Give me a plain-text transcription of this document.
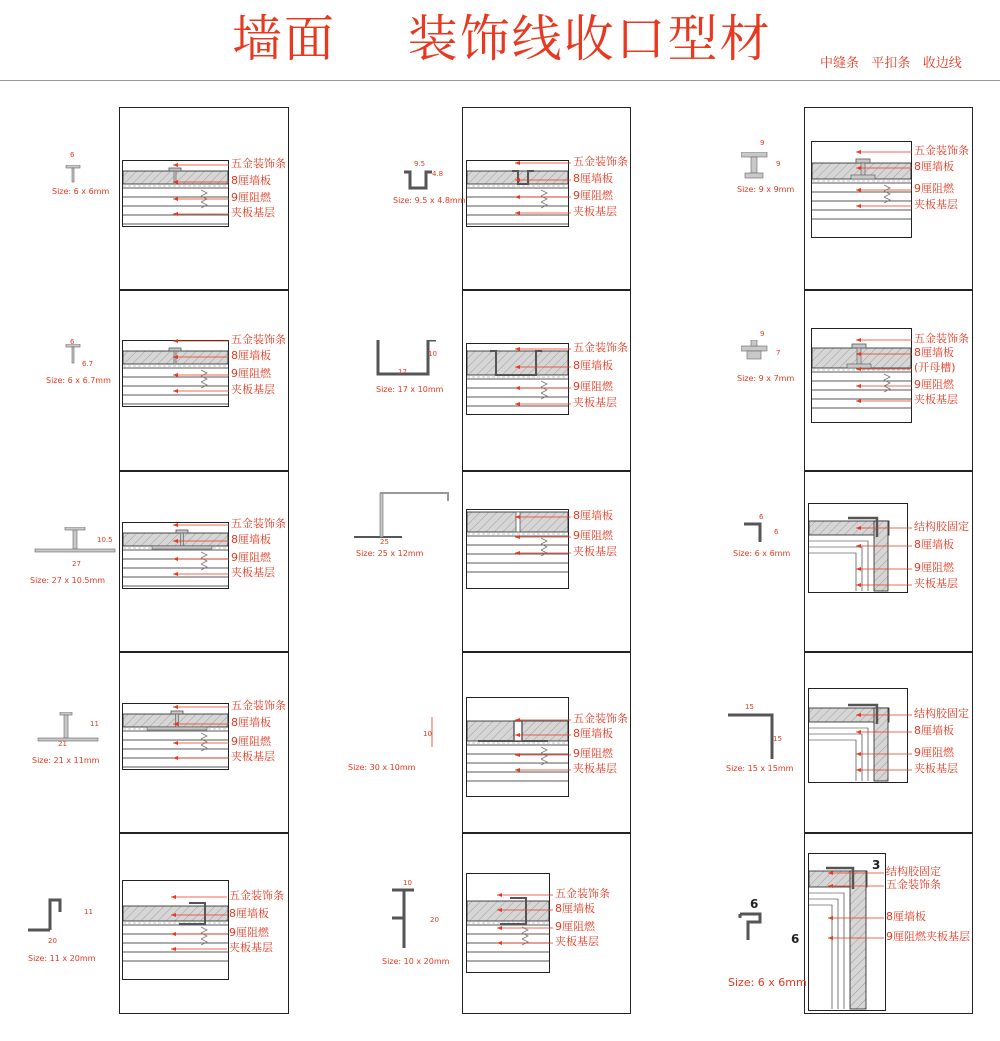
墙面    装饰线收口型材	中缝条   平扣条   收边线
五金装饰条
8厘墙板
9厘阻燃
夹板基层
Size: 6 x 6mm
6
五金装饰条
8厘墙板
9厘阻燃
夹板基层
Size: 6 x 6.7mm
6
6.7
五金装饰条
8厘墙板
9厘阻燃
夹板基层
Size: 27 x 10.5mm
27
10.5
五金装饰条
8厘墙板
9厘阻燃
夹板基层
Size: 21 x 11mm
21
11
五金装饰条
8厘墙板
9厘阻燃
夹板基层
Size: 11 x 20mm
20
11
五金装饰条
8厘墙板
9厘阻燃
夹板基层
Size: 9.5 x 4.8mm
9.5
4.8
五金装饰条
8厘墙板
9厘阻燃
夹板基层
Size: 17 x 10mm
17
10
8厘墙板
9厘阻燃
夹板基层
Size: 25 x 12mm
25
五金装饰条
8厘墙板
9厘阻燃
夹板基层
Size: 30 x 10mm
10
五金装饰条
8厘墙板
9厘阻燃
夹板基层
Size: 10 x 20mm
10
20
五金装饰条
8厘墙板
9厘阻燃
夹板基层
Size: 9 x 9mm
9
9
五金装饰条
8厘墙板
(开母槽)
9厘阻燃
夹板基层
Size: 9 x 7mm
9
7
结构胶固定
8厘墙板
9厘阻燃
夹板基层
Size: 6 x 6mm
6
6
结构胶固定
8厘墙板
9厘阻燃
夹板基层
Size: 15 x 15mm
15
15
结构胶固定
五金装饰条
8厘墙板
9厘阻燃夹板基层
Size: 6 x 6mm
6
6
3
